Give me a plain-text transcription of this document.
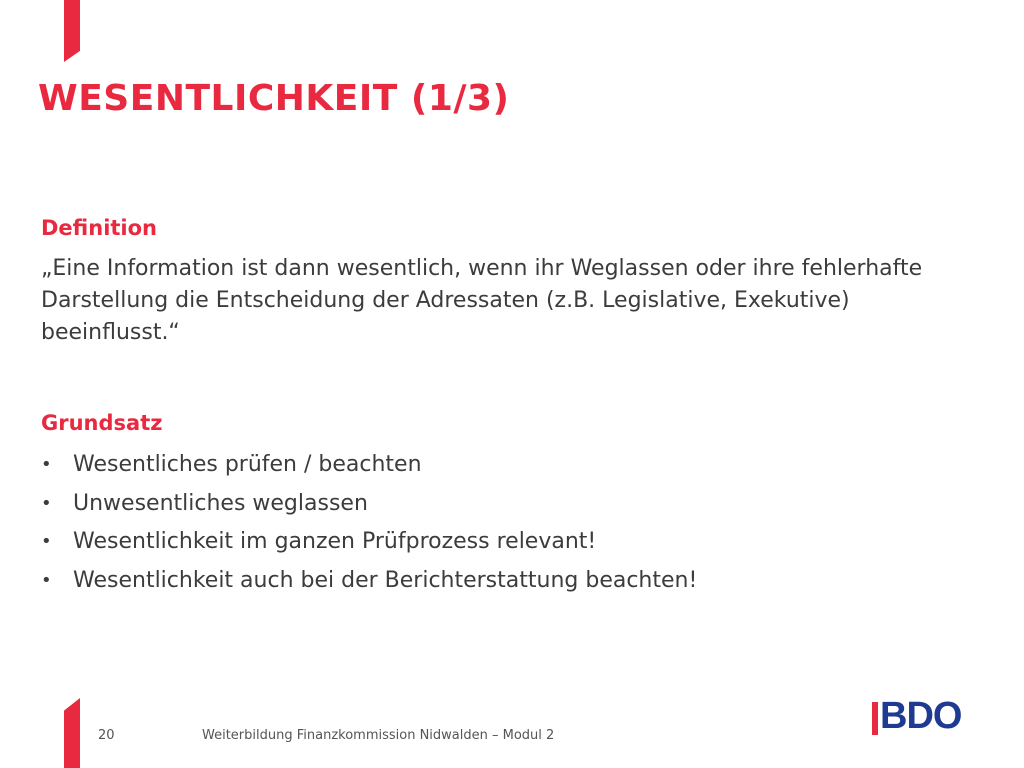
WESENTLICHKEIT (1/3)
Definition

„Eine Information ist dann wesentlich, wenn ihr Weglassen oder ihre fehlerhafte Darstellung die Entscheidung der Adressaten (z.B. Legislative, Exekutive) beeinflusst.“

Grundsatz
• Wesentliches prüfen / beachten
• Unwesentliches weglassen
• Wesentlichkeit im ganzen Prüfprozess relevant!
• Wesentlichkeit auch bei der Berichterstattung beachten!
20	Weiterbildung Finanzkommission Nidwalden – Modul 2	BDO
